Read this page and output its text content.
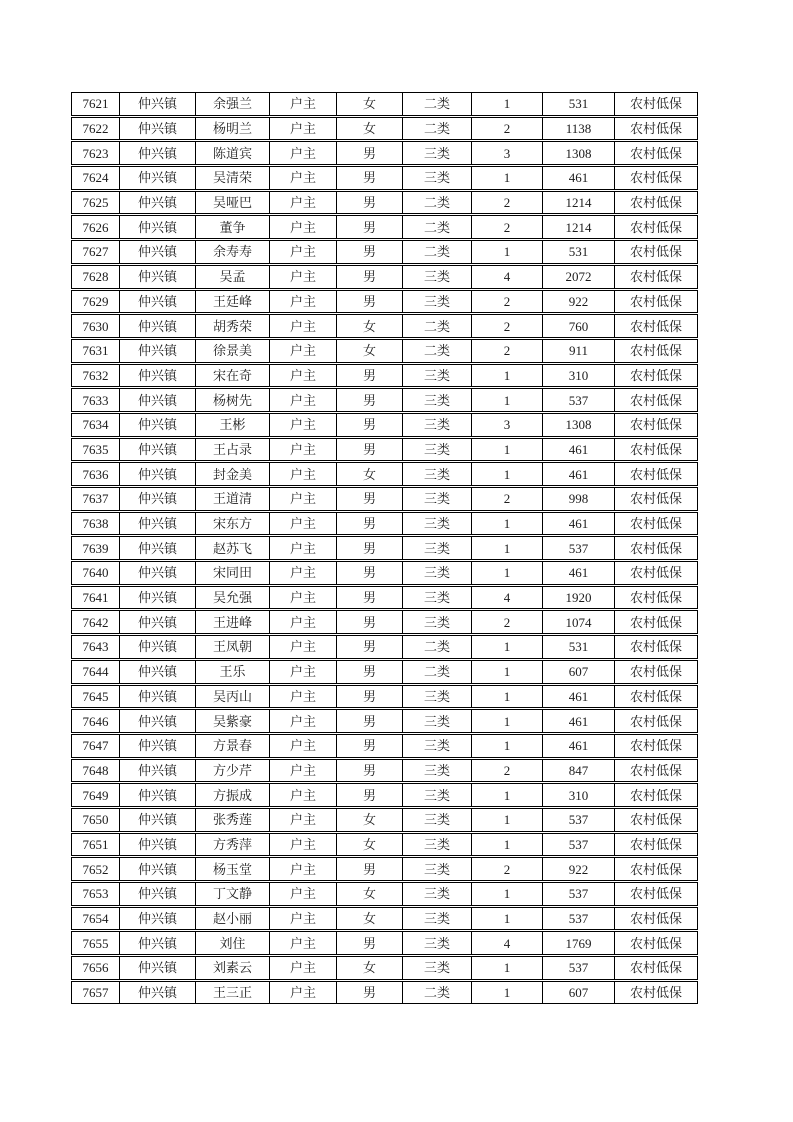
7621	仲兴镇	余强兰	户主	女	二类	1	531	农村低保
7622	仲兴镇	杨明兰	户主	女	二类	2	1138	农村低保
7623	仲兴镇	陈道宾	户主	男	三类	3	1308	农村低保
7624	仲兴镇	吴清荣	户主	男	三类	1	461	农村低保
7625	仲兴镇	吴哑巴	户主	男	二类	2	1214	农村低保
7626	仲兴镇	董争	户主	男	二类	2	1214	农村低保
7627	仲兴镇	余寿寿	户主	男	二类	1	531	农村低保
7628	仲兴镇	吴孟	户主	男	三类	4	2072	农村低保
7629	仲兴镇	王廷峰	户主	男	三类	2	922	农村低保
7630	仲兴镇	胡秀荣	户主	女	二类	2	760	农村低保
7631	仲兴镇	徐景美	户主	女	二类	2	911	农村低保
7632	仲兴镇	宋在奇	户主	男	三类	1	310	农村低保
7633	仲兴镇	杨树先	户主	男	三类	1	537	农村低保
7634	仲兴镇	王彬	户主	男	三类	3	1308	农村低保
7635	仲兴镇	王占录	户主	男	三类	1	461	农村低保
7636	仲兴镇	封金美	户主	女	三类	1	461	农村低保
7637	仲兴镇	王道清	户主	男	三类	2	998	农村低保
7638	仲兴镇	宋东方	户主	男	三类	1	461	农村低保
7639	仲兴镇	赵苏飞	户主	男	三类	1	537	农村低保
7640	仲兴镇	宋同田	户主	男	三类	1	461	农村低保
7641	仲兴镇	吴允强	户主	男	三类	4	1920	农村低保
7642	仲兴镇	王进峰	户主	男	三类	2	1074	农村低保
7643	仲兴镇	王凤朝	户主	男	二类	1	531	农村低保
7644	仲兴镇	王乐	户主	男	二类	1	607	农村低保
7645	仲兴镇	吴丙山	户主	男	三类	1	461	农村低保
7646	仲兴镇	吴紫豪	户主	男	三类	1	461	农村低保
7647	仲兴镇	方景春	户主	男	三类	1	461	农村低保
7648	仲兴镇	方少芹	户主	男	三类	2	847	农村低保
7649	仲兴镇	方振成	户主	男	三类	1	310	农村低保
7650	仲兴镇	张秀莲	户主	女	三类	1	537	农村低保
7651	仲兴镇	方秀萍	户主	女	三类	1	537	农村低保
7652	仲兴镇	杨玉堂	户主	男	三类	2	922	农村低保
7653	仲兴镇	丁文静	户主	女	三类	1	537	农村低保
7654	仲兴镇	赵小丽	户主	女	三类	1	537	农村低保
7655	仲兴镇	刘住	户主	男	三类	4	1769	农村低保
7656	仲兴镇	刘素云	户主	女	三类	1	537	农村低保
7657	仲兴镇	王三正	户主	男	二类	1	607	农村低保
